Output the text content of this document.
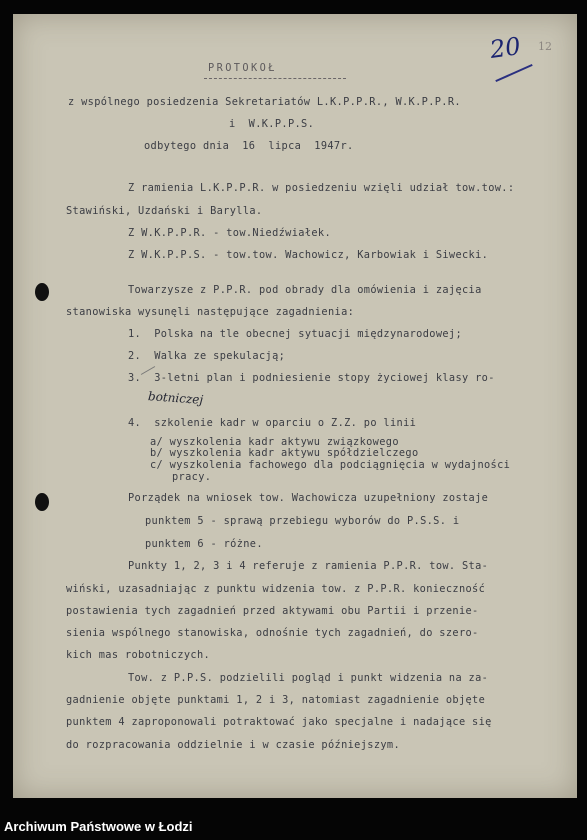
20 12

PROTOKOŁ

z wspólnego posiedzenia Sekretariatów L.K.P.P.R., W.K.P.P.R.

i  W.K.P.P.S.

odbytego dnia  16  lipca  1947r.

Z ramienia L.K.P.P.R. w posiedzeniu wzięli udział tow.tow.:

Stawiński, Uzdański i Barylla.

Z W.K.P.P.R. - tow.Niedźwiałek.

Z W.K.P.P.S. - tow.tow. Wachowicz, Karbowiak i Siwecki.

Towarzysze z P.P.R. pod obrady dla omówienia i zajęcia

stanowiska wysunęli następujące zagadnienia:

1.  Polska na tle obecnej sytuacji międzynarodowej;

2.  Walka ze spekulacją;

3.  3-letni plan i podniesienie stopy życiowej klasy ro-

botniczej

4.  szkolenie kadr w oparciu o Z.Z. po linii

a/ wyszkolenia kadr aktywu związkowego

b/ wyszkolenia kadr aktywu spółdzielczego

c/ wyszkolenia fachowego dla podciągnięcia w wydajności

pracy.

Porządek na wniosek tow. Wachowicza uzupełniony zostaje

punktem 5 - sprawą przebiegu wyborów do P.S.S. i

punktem 6 - różne.

Punkty 1, 2, 3 i 4 referuje z ramienia P.P.R. tow. Sta-

wiński, uzasadniając z punktu widzenia tow. z P.P.R. konieczność

postawienia tych zagadnień przed aktywami obu Partii i przenie-

sienia wspólnego stanowiska, odnośnie tych zagadnień, do szero-

kich mas robotniczych.

Tow. z P.P.S. podzielili pogląd i punkt widzenia na za-

gadnienie objęte punktami 1, 2 i 3, natomiast zagadnienie objęte

punktem 4 zaproponowali potraktować jako specjalne i nadające się

do rozpracowania oddzielnie i w czasie późniejszym.

Archiwum Państwowe w Łodzi
